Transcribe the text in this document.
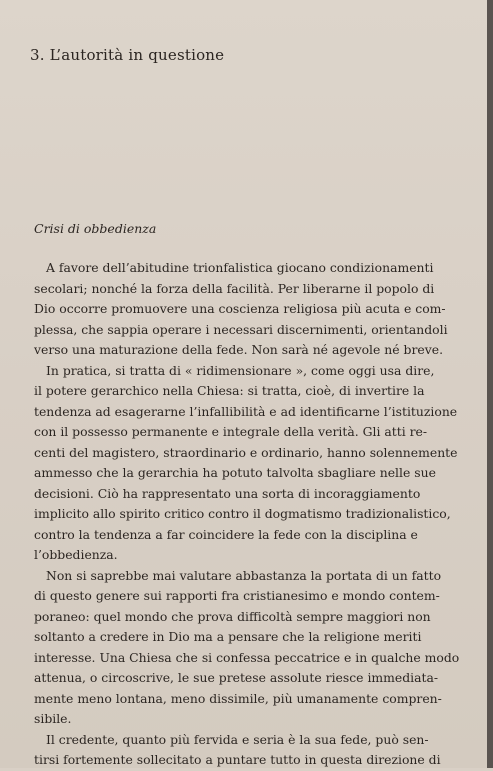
3. L’autorità in questione
Crisi di obbedienza
A favore dell’abitudine trionfalistica giocano condizionamenti
secolari; nonché la forza della facilità. Per liberarne il popolo di
Dio occorre promuovere una coscienza religiosa più acuta e com-
plessa, che sappia operare i necessari discernimenti, orientandoli
verso una maturazione della fede. Non sarà né agevole né breve.
In pratica, si tratta di « ridimensionare », come oggi usa dire,
il potere gerarchico nella Chiesa: si tratta, cioè, di invertire la
tendenza ad esagerarne l’infallibilità e ad identificarne l’istituzione
con il possesso permanente e integrale della verità. Gli atti re-
centi del magistero, straordinario e ordinario, hanno solennemente
ammesso che la gerarchia ha potuto talvolta sbagliare nelle sue
decisioni. Ciò ha rappresentato una sorta di incoraggiamento
implicito allo spirito critico contro il dogmatismo tradizionalistico,
contro la tendenza a far coincidere la fede con la disciplina e
l’obbedienza.
Non si saprebbe mai valutare abbastanza la portata di un fatto
di questo genere sui rapporti fra cristianesimo e mondo contem-
poraneo: quel mondo che prova difficoltà sempre maggiori non
soltanto a credere in Dio ma a pensare che la religione meriti
interesse. Una Chiesa che si confessa peccatrice e in qualche modo
attenua, o circoscrive, le sue pretese assolute riesce immediata-
mente meno lontana, meno dissimile, più umanamente compren-
sibile.
Il credente, quanto più fervida e seria è la sua fede, può sen-
tirsi fortemente sollecitato a puntare tutto in questa direzione di
